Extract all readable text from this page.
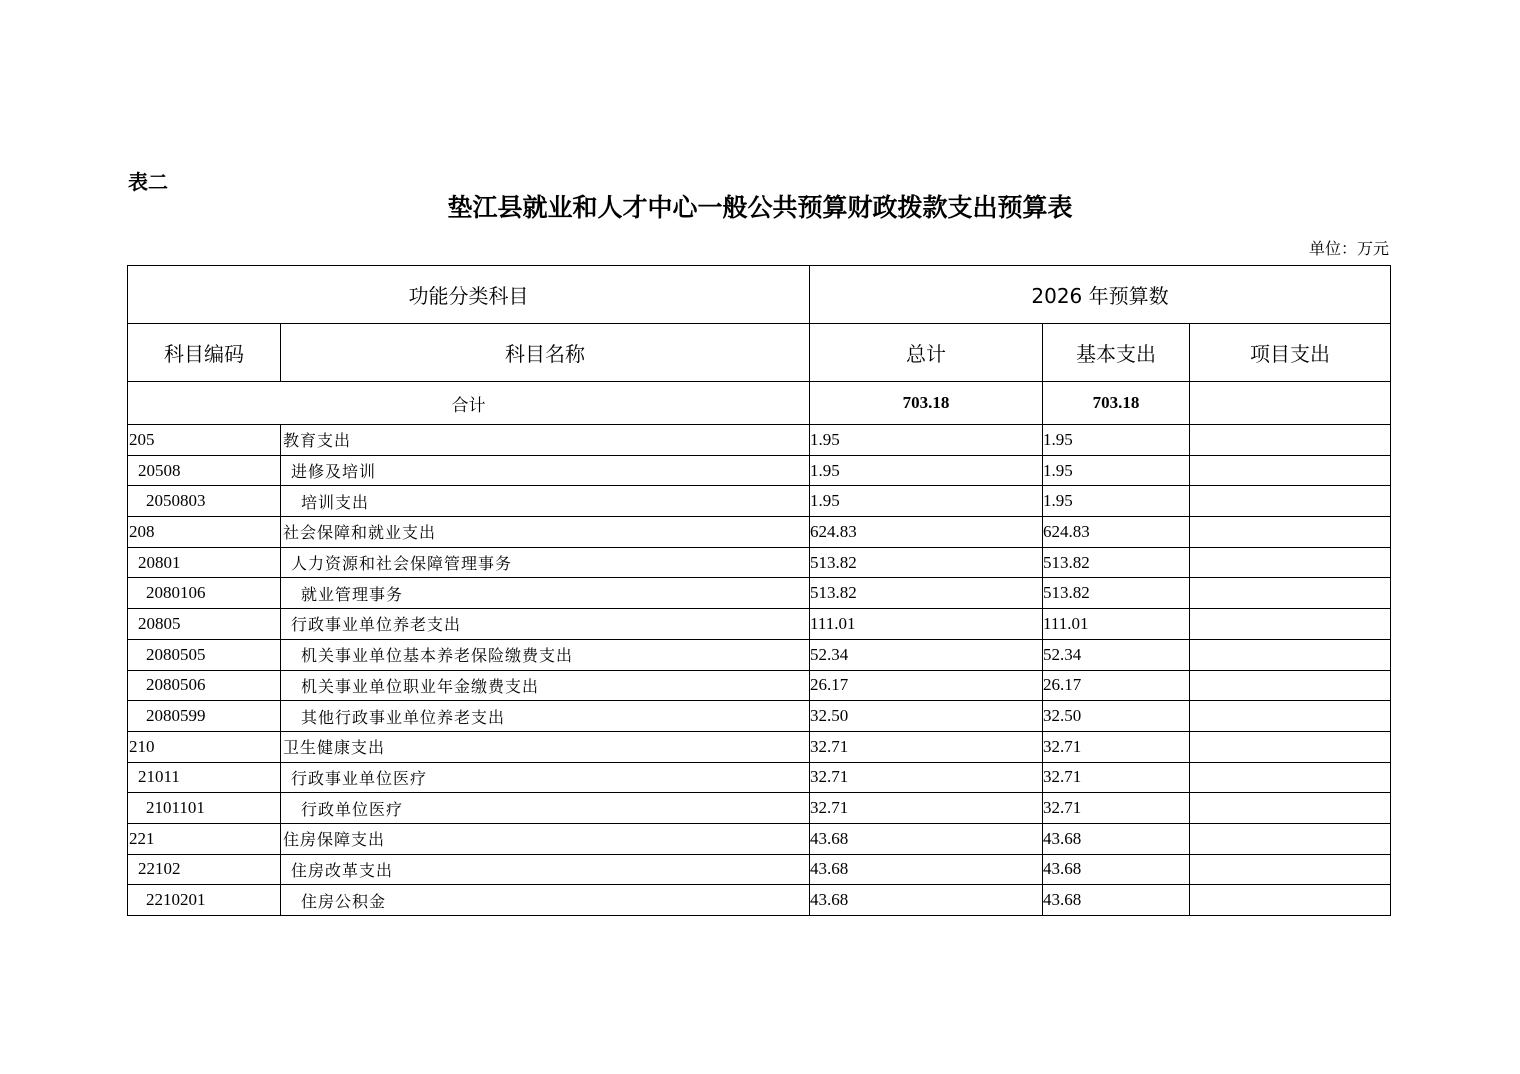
表二
垫江县就业和人才中心一般公共预算财政拨款支出预算表
单位：万元
功能分类科目		2026 年预算数		
科目编码	科目名称	总计	基本支出	项目支出
合计		703.18	703.18	
205	教育支出	1.95	1.95	
20508	进修及培训	1.95	1.95	
2050803	培训支出	1.95	1.95	
208	社会保障和就业支出	624.83	624.83	
20801	人力资源和社会保障管理事务	513.82	513.82	
2080106	就业管理事务	513.82	513.82	
20805	行政事业单位养老支出	111.01	111.01	
2080505	机关事业单位基本养老保险缴费支出	52.34	52.34	
2080506	机关事业单位职业年金缴费支出	26.17	26.17	
2080599	其他行政事业单位养老支出	32.50	32.50	
210	卫生健康支出	32.71	32.71	
21011	行政事业单位医疗	32.71	32.71	
2101101	行政单位医疗	32.71	32.71	
221	住房保障支出	43.68	43.68	
22102	住房改革支出	43.68	43.68	
2210201	住房公积金	43.68	43.68	
